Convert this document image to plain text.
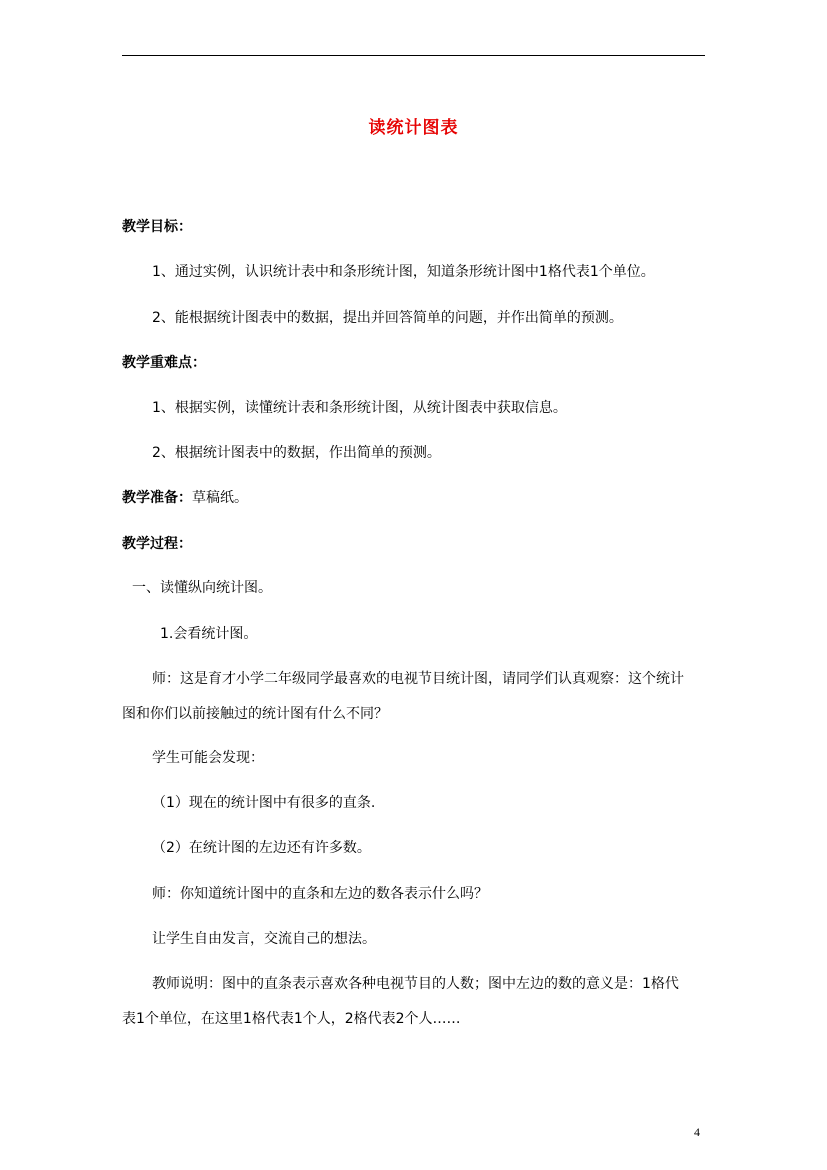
读统计图表
教学目标：
1、通过实例，认识统计表中和条形统计图，知道条形统计图中1格代表1个单位。
2、能根据统计图表中的数据，提出并回答简单的问题，并作出简单的预测。
教学重难点：
1、根据实例，读懂统计表和条形统计图，从统计图表中获取信息。
2、根据统计图表中的数据，作出简单的预测。
教学准备：草稿纸。
教学过程：
一、读懂纵向统计图。
1.会看统计图。
师：这是育才小学二年级同学最喜欢的电视节目统计图，请同学们认真观察：这个统计
图和你们以前接触过的统计图有什么不同？
学生可能会发现：
（1）现在的统计图中有很多的直条.
（2）在统计图的左边还有许多数。
师：你知道统计图中的直条和左边的数各表示什么吗？
让学生自由发言，交流自己的想法。
教师说明：图中的直条表示喜欢各种电视节目的人数；图中左边的数的意义是：1格代
表1个单位，在这里1格代表1个人，2格代表2个人……
4
